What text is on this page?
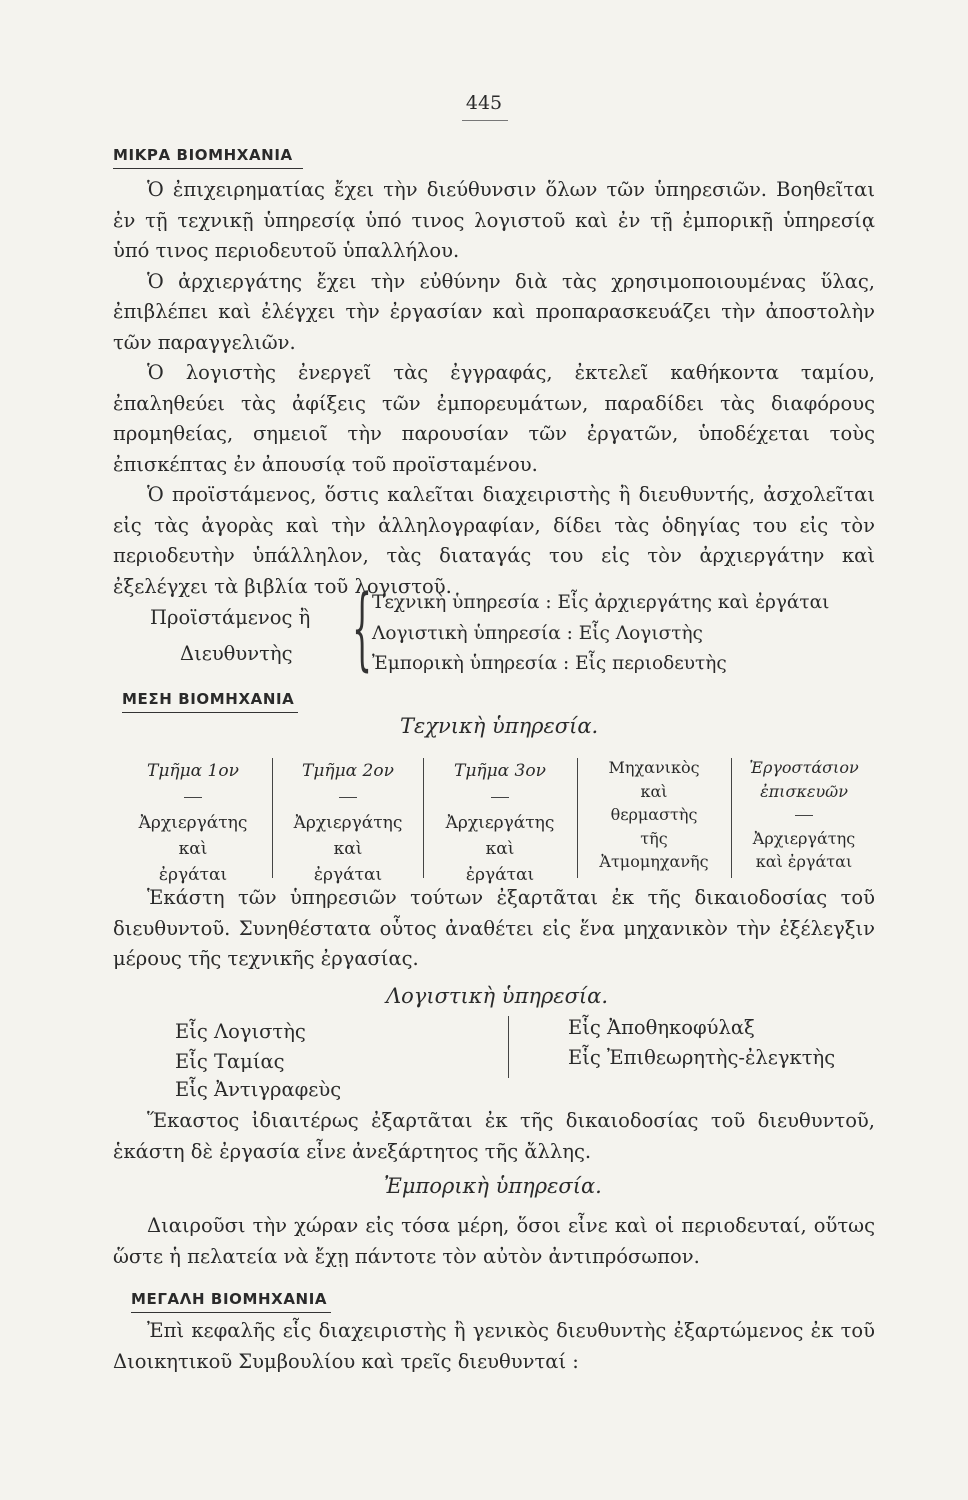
445
ΜΙΚΡΑ ΒΙΟΜΗΧΑΝΙΑ

Ὁ ἐπιχειρηματίας ἔχει τὴν διεύθυνσιν ὅλων τῶν ὑπηρεσιῶν. Βοηθεῖται ἐν τῇ τεχνικῇ ὑπηρεσίᾳ ὑπό τινος λογιστοῦ καὶ ἐν τῇ ἐμπορικῇ ὑπηρεσίᾳ ὑπό τινος περιοδευτοῦ ὑπαλλήλου.

Ὁ ἀρχιεργάτης ἔχει τὴν εὐθύνην διὰ τὰς χρησιμοποιουμένας ὕλας, ἐπιβλέπει καὶ ἐλέγχει τὴν ἐργασίαν καὶ προπαρασκευάζει τὴν ἀποστολὴν τῶν παραγγελιῶν.

Ὁ λογιστὴς ἐνεργεῖ τὰς ἐγγραφάς, ἐκτελεῖ καθήκοντα ταμίου, ἐπαληθεύει τὰς ἀφίξεις τῶν ἐμπορευμάτων, παραδίδει τὰς διαφόρους προμηθείας, σημειοῖ τὴν παρουσίαν τῶν ἐργατῶν, ὑποδέχεται τοὺς ἐπισκέπτας ἐν ἀπουσίᾳ τοῦ προϊσταμένου.

Ὁ προϊστάμενος, ὅστις καλεῖται διαχειριστὴς ἢ διευθυντής, ἀσχολεῖται εἰς τὰς ἀγορὰς καὶ τὴν ἀλληλογραφίαν, δίδει τὰς ὁδηγίας του εἰς τὸν περιοδευτὴν ὑπάλληλον, τὰς διαταγάς του εἰς τὸν ἀρχιεργάτην καὶ ἐξελέγχει τὰ βιβλία τοῦ λογιστοῦ.

Προϊστάμενος ἢ
Διευθυντὴς { Τεχνικὴ ὑπηρεσία : Εἷς ἀρχιεργάτης καὶ ἐργάται
Λογιστικὴ ὑπηρεσία : Εἷς Λογιστὴς
Ἐμπορικὴ ὑπηρεσία : Εἷς περιοδευτὴς
ΜΕΣΗ ΒΙΟΜΗΧΑΝΙΑ
Τεχνικὴ ὑπηρεσία.
Τμῆμα 1ον
Ἀρχιεργάτης
καὶ
ἐργάται
Τμῆμα 2ον
Ἀρχιεργάτης
καὶ
ἐργάται
Τμῆμα 3ον
Ἀρχιεργάτης
καὶ
ἐργάται
Μηχανικὸς
καὶ
θερμαστὴς
τῆς
Ἀτμομηχανῆς
Ἐργοστάσιον
ἐπισκευῶν
Ἀρχιεργάτης
καὶ ἐργάται

Ἑκάστη τῶν ὑπηρεσιῶν τούτων ἐξαρτᾶται ἐκ τῆς δικαιοδοσίας τοῦ διευθυντοῦ. Συνηθέστατα οὗτος ἀναθέτει εἰς ἕνα μηχανικὸν τὴν ἐξέλεγξιν μέρους τῆς τεχνικῆς ἐργασίας.

Λογιστικὴ ὑπηρεσία.
Εἷς Λογιστὴς
Εἷς Ταμίας
Εἷς Ἀντιγραφεὺς
Εἷς Ἀποθηκοφύλαξ
Εἷς Ἐπιθεωρητὴς-ἐλεγκτὴς

Ἕκαστος ἰδιαιτέρως ἐξαρτᾶται ἐκ τῆς δικαιοδοσίας τοῦ διευθυντοῦ, ἑκάστη δὲ ἐργασία εἶνε ἀνεξάρτητος τῆς ἄλλης.

Ἐμπορικὴ ὑπηρεσία.

Διαιροῦσι τὴν χώραν εἰς τόσα μέρη, ὅσοι εἶνε καὶ οἱ περιοδευταί, οὕτως ὥστε ἡ πελατεία νὰ ἔχῃ πάντοτε τὸν αὐτὸν ἀντιπρόσωπον.

ΜΕΓΑΛΗ ΒΙΟΜΗΧΑΝΙΑ

Ἐπὶ κεφαλῆς εἷς διαχειριστὴς ἢ γενικὸς διευθυντὴς ἐξαρτώμενος ἐκ τοῦ Διοικητικοῦ Συμβουλίου καὶ τρεῖς διευθυνταί :
